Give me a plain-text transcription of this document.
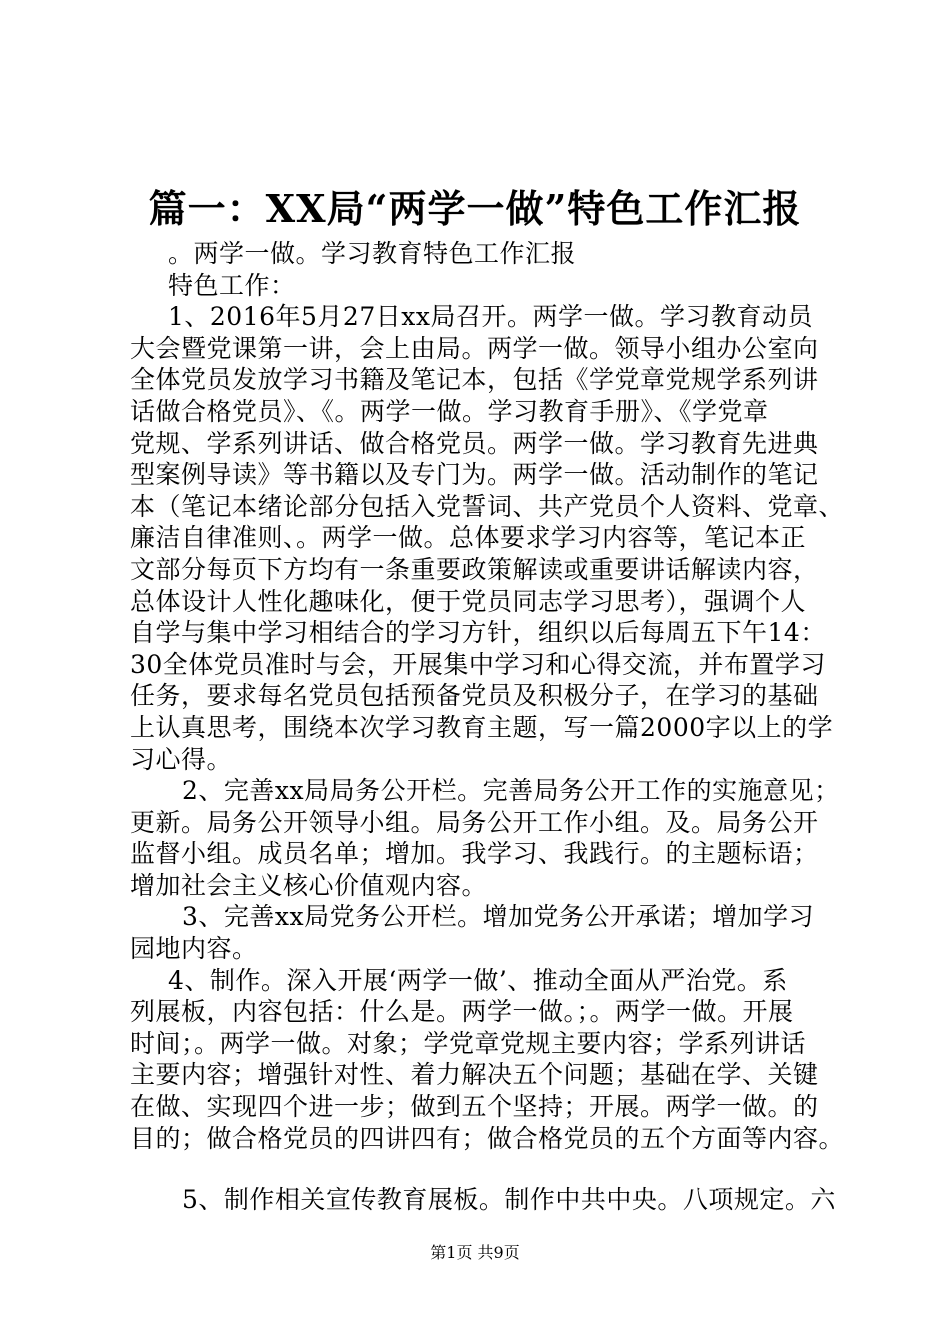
篇一：XX局“两学一做”特色工作汇报
。两学一做。学习教育特色工作汇报
特色工作：
1、2016年5月27日xx局召开。两学一做。学习教育动员
大会暨党课第一讲，会上由局。两学一做。领导小组办公室向
全体党员发放学习书籍及笔记本，包括《学党章党规学系列讲
话做合格党员》、《。两学一做。学习教育手册》、《学党章
党规、学系列讲话、做合格党员。两学一做。学习教育先进典
型案例导读》等书籍以及专门为。两学一做。活动制作的笔记
本（笔记本绪论部分包括入党誓词、共产党员个人资料、党章、
廉洁自律准则、。两学一做。总体要求学习内容等，笔记本正
文部分每页下方均有一条重要政策解读或重要讲话解读内容，
总体设计人性化趣味化，便于党员同志学习思考），强调个人
自学与集中学习相结合的学习方针，组织以后每周五下午14：
30全体党员准时与会，开展集中学习和心得交流，并布置学习
任务，要求每名党员包括预备党员及积极分子，在学习的基础
上认真思考，围绕本次学习教育主题，写一篇2000字以上的学
习心得。
2、完善xx局局务公开栏。完善局务公开工作的实施意见；
更新。局务公开领导小组。局务公开工作小组。及。局务公开
监督小组。成员名单；增加。我学习、我践行。的主题标语；
增加社会主义核心价值观内容。
3、完善xx局党务公开栏。增加党务公开承诺；增加学习
园地内容。
4、制作。深入开展‘两学一做’、推动全面从严治党。系
列展板，内容包括：什么是。两学一做。；。两学一做。开展
时间；。两学一做。对象；学党章党规主要内容；学系列讲话
主要内容；增强针对性、着力解决五个问题；基础在学、关键
在做、实现四个进一步；做到五个坚持；开展。两学一做。的
目的；做合格党员的四讲四有；做合格党员的五个方面等内容。
5、制作相关宣传教育展板。制作中共中央。八项规定。六
第1页 共9页
